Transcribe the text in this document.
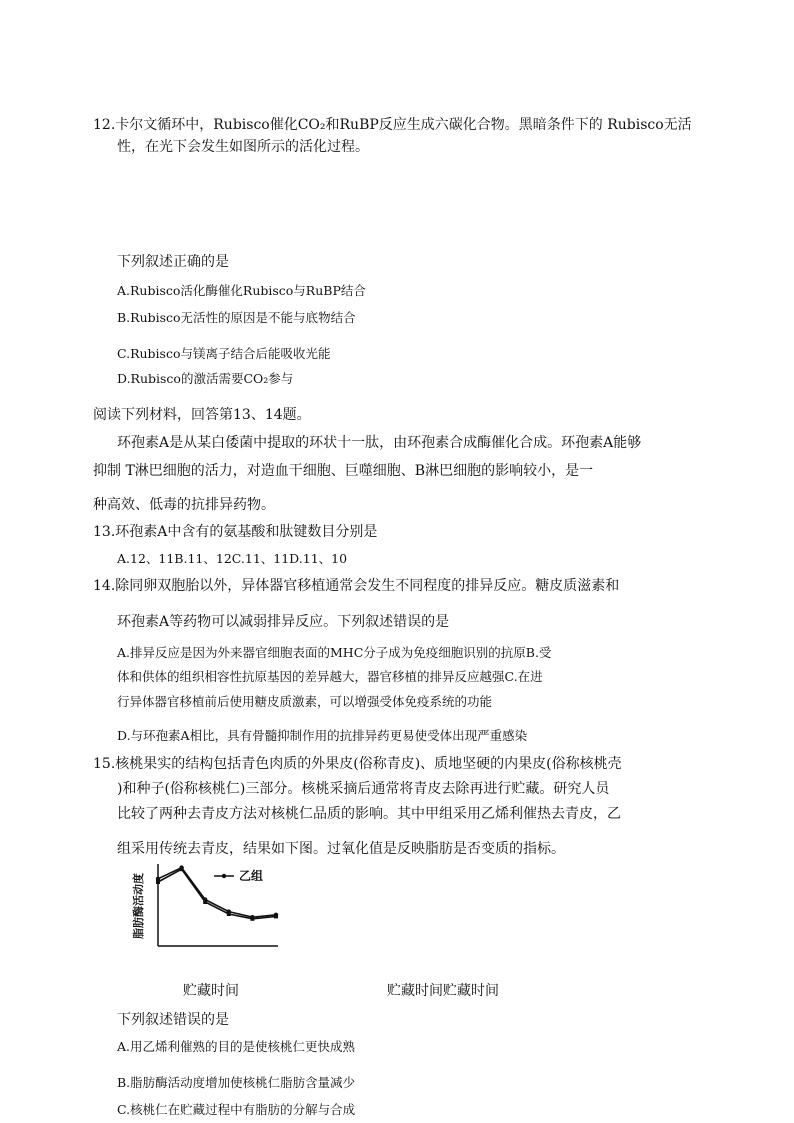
12.卡尔文循环中，Rubisco催化CO₂和RuBP反应生成六碳化合物。黑暗条件下的 Rubisco无活
性，在光下会发生如图所示的活化过程。
下列叙述正确的是
A.Rubisco活化酶催化Rubisco与RuBP结合
B.Rubisco无活性的原因是不能与底物结合
C.Rubisco与镁离子结合后能吸收光能
D.Rubisco的激活需要CO₂参与
阅读下列材料，回答第13、14题。
环孢素A是从某白倭菌中提取的环状十一肽，由环孢素合成酶催化合成。环孢素A能够
抑制 T淋巴细胞的活力，对造血干细胞、巨噬细胞、B淋巴细胞的影响较小，是一
种高效、低毒的抗排异药物。
13.环孢素A中含有的氨基酸和肽键数目分别是
A.12、11B.11、12C.11、11D.11、10
14.除同卵双胞胎以外，异体器官移植通常会发生不同程度的排异反应。糖皮质滋素和
环孢素A等药物可以减弱排异反应。下列叙述错误的是
A.排异反应是因为外来器官细胞表面的MHC分子成为免疫细胞识别的抗原B.受
体和供体的组织相容性抗原基因的差异越大，器官移植的排异反应越强C.在进
行异体器官移植前后使用糖皮质激素，可以增强受体免疫系统的功能
D.与环孢素A相比，具有骨髓抑制作用的抗排异药更易使受体出现严重感染
15.核桃果实的结构包括青色肉质的外果皮(俗称青皮)、质地坚硬的内果皮(俗称核桃壳
)和种子(俗称核桃仁)三部分。核桃采摘后通常将青皮去除再进行贮藏。研究人员
比较了两种去青皮方法对核桃仁品质的影响。其中甲组采用乙烯利催热去青皮，乙
组采用传统去青皮，结果如下图。过氧化值是反映脂肪是否变质的指标。
脂肪酶活动度	乙组
贮藏时间	贮藏时间贮藏时间
下列叙述错误的是
A.用乙烯利催熟的目的是使核桃仁更快成熟
B.脂肪酶活动度增加使核桃仁脂肪含量减少
C.核桃仁在贮藏过程中有脂肪的分解与合成
